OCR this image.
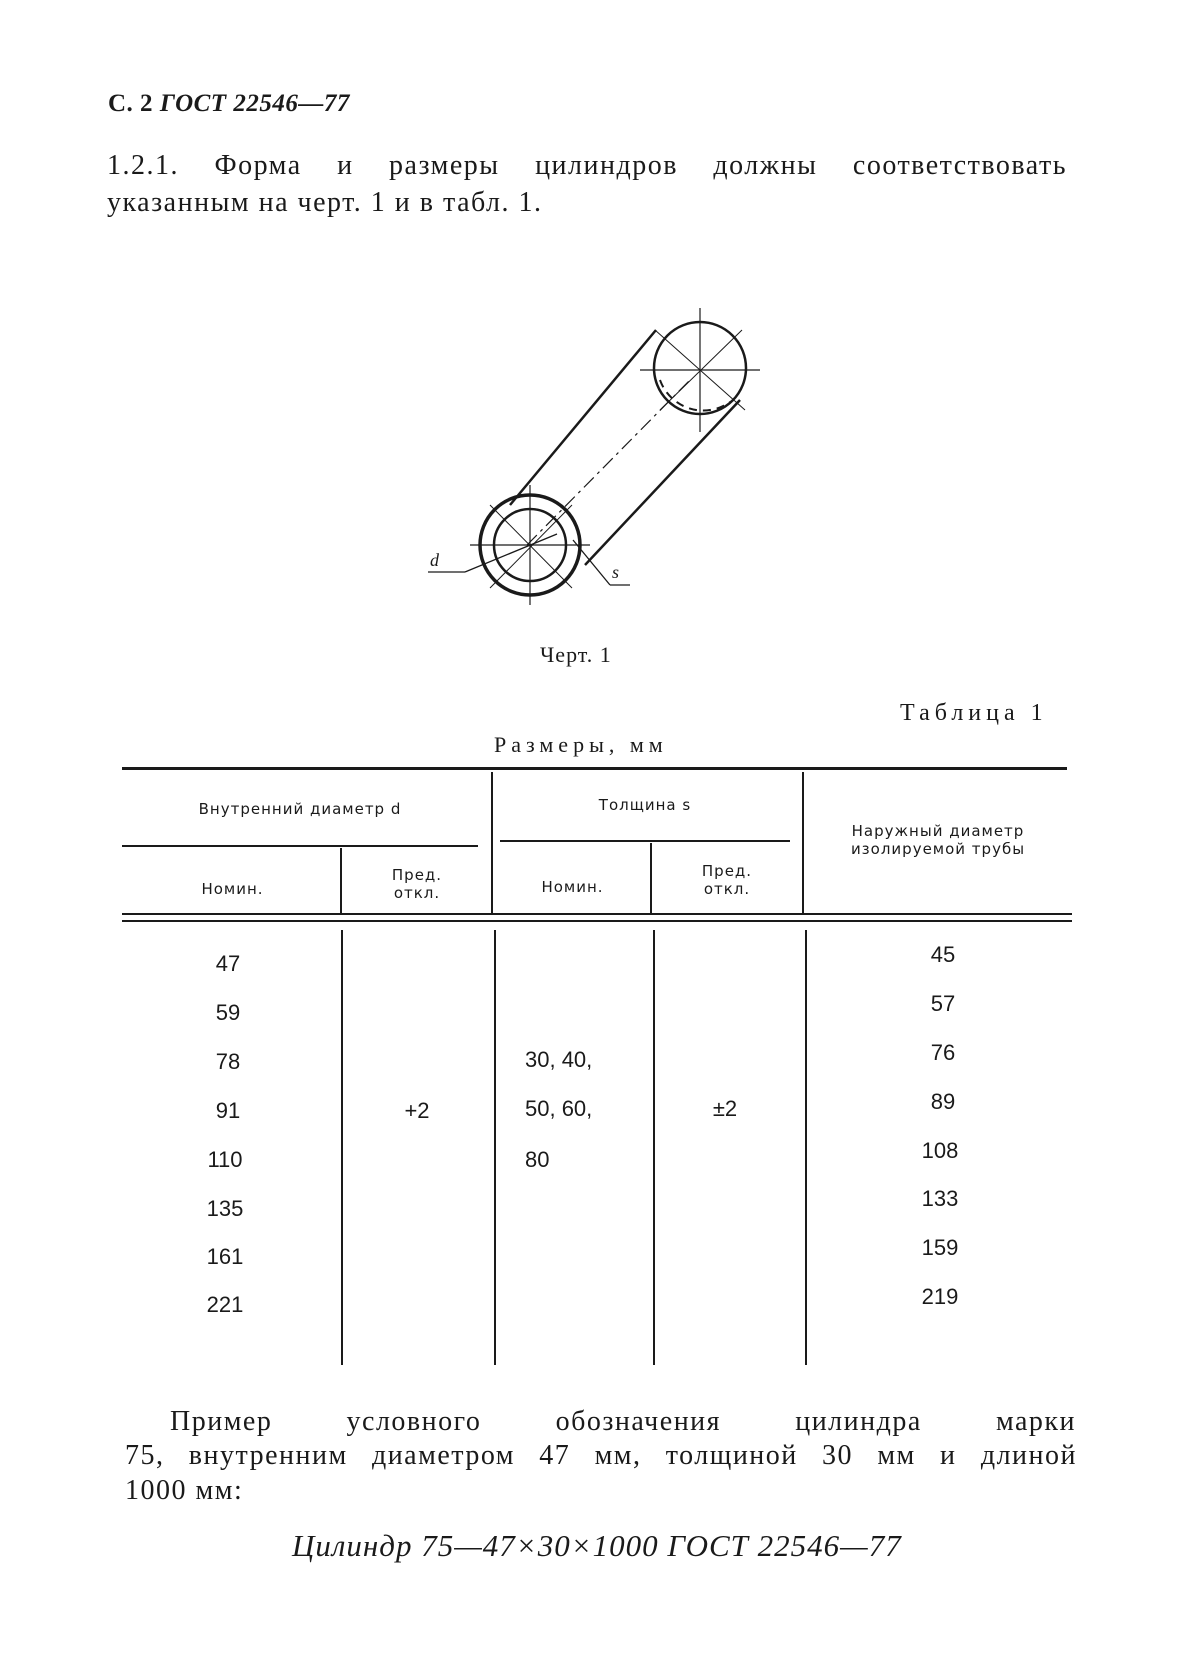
С. 2 ГОСТ 22546—77
1.2.1. Форма и размеры цилиндров должны соответствовать
указанным на черт. 1 и в табл. 1.
d
s
Черт. 1
Таблица 1
Размеры, мм
Внутренний диаметр d	Толщина s
Наружный диаметр
изолируемой трубы
Номин.
Пред.
откл.	Номин.
Пред.
откл.
47
59
78
91
110
135
161
221
+2
30, 40,
50, 60,
80
±2
45
57
76
89
108
133
159
219
Пример условного обозначения цилиндра марки
75, внутренним диаметром 47 мм, толщиной 30 мм и длиной
1000 мм:
Цилиндр 75—47×30×1000 ГОСТ 22546—77
